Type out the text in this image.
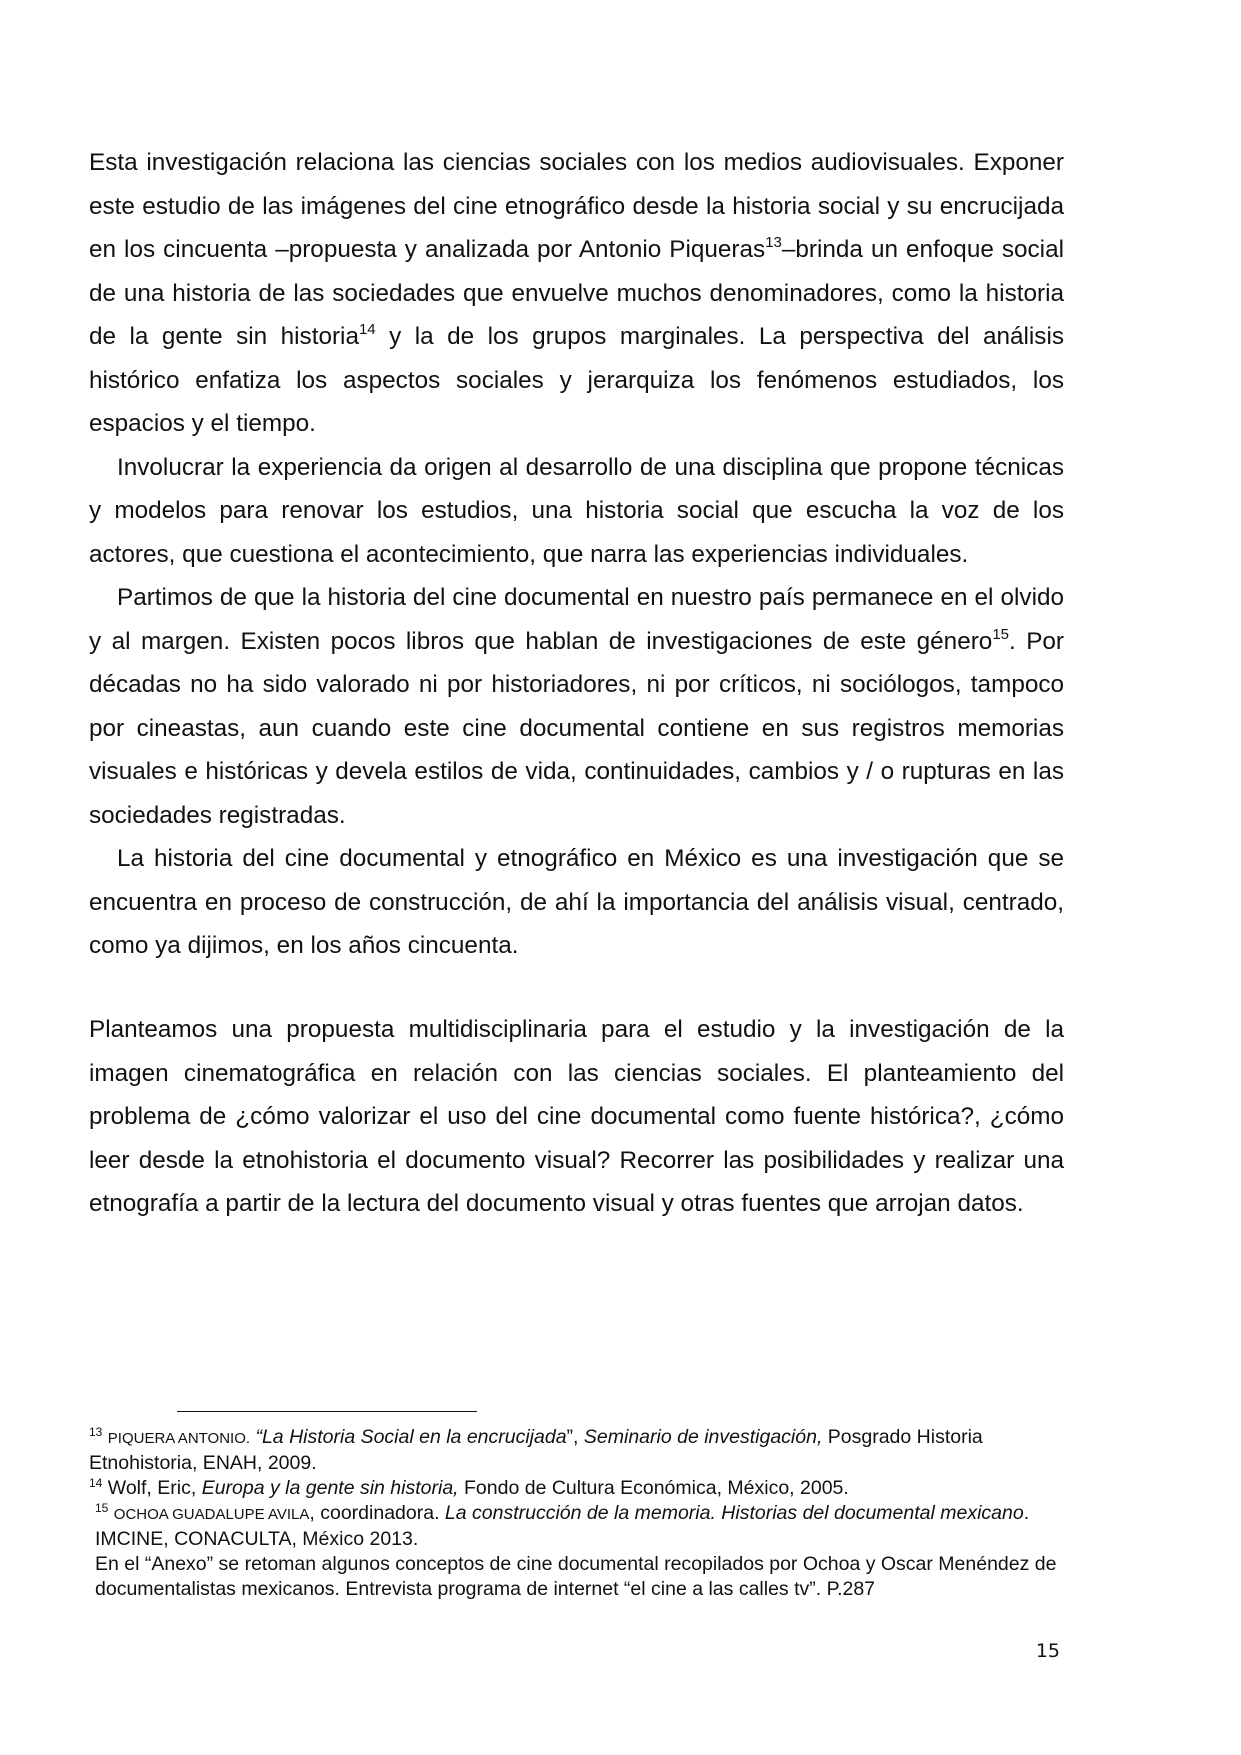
Esta investigación relaciona las ciencias sociales con los medios audiovisuales. Exponer este estudio de las imágenes del cine etnográfico desde la historia social y su encrucijada en los cincuenta –propuesta y analizada por Antonio Piqueras$^{13}$–brinda un enfoque social de una historia de las sociedades que envuelve muchos denominadores, como la historia de la gente sin historia$^{14}$ y la de los grupos marginales. La perspectiva del análisis histórico enfatiza los aspectos sociales y jerarquiza los fenómenos estudiados, los espacios y el tiempo.

Involucrar la experiencia da origen al desarrollo de una disciplina que propone técnicas y modelos para renovar los estudios, una historia social que escucha la voz de los actores, que cuestiona el acontecimiento, que narra las experiencias individuales.

Partimos de que la historia del cine documental en nuestro país permanece en el olvido y al margen. Existen pocos libros que hablan de investigaciones de este género$^{15}$. Por décadas no ha sido valorado ni por historiadores, ni por críticos, ni sociólogos, tampoco por cineastas, aun cuando este cine documental contiene en sus registros memorias visuales e históricas y devela estilos de vida, continuidades, cambios y / o rupturas en las sociedades registradas.

La historia del cine documental y etnográfico en México es una investigación que se encuentra en proceso de construcción, de ahí la importancia del análisis visual, centrado, como ya dijimos, en los años cincuenta.

Planteamos una propuesta multidisciplinaria para el estudio y la investigación de la imagen cinematográfica en relación con las ciencias sociales. El planteamiento del problema de ¿cómo valorizar el uso del cine documental como fuente histórica?, ¿cómo leer desde la etnohistoria el documento visual? Recorrer las posibilidades y realizar una etnografía a partir de la lectura del documento visual y otras fuentes que arrojan datos.

$^{13}$ PIQUERA ANTONIO. “La Historia Social en la encrucijada”, Seminario de investigación, Posgrado Historia Etnohistoria, ENAH, 2009.

$^{14}$ Wolf, Eric, Europa y la gente sin historia, Fondo de Cultura Económica, México, 2005.

$^{15}$ OCHOA GUADALUPE AVILA, coordinadora. La construcción de la memoria. Historias del documental mexicano. IMCINE, CONACULTA, México 2013.

En el “Anexo” se retoman algunos conceptos de cine documental recopilados por Ochoa y Oscar Menéndez de documentalistas mexicanos. Entrevista programa de internet “el cine a las calles tv”. P.287

15
